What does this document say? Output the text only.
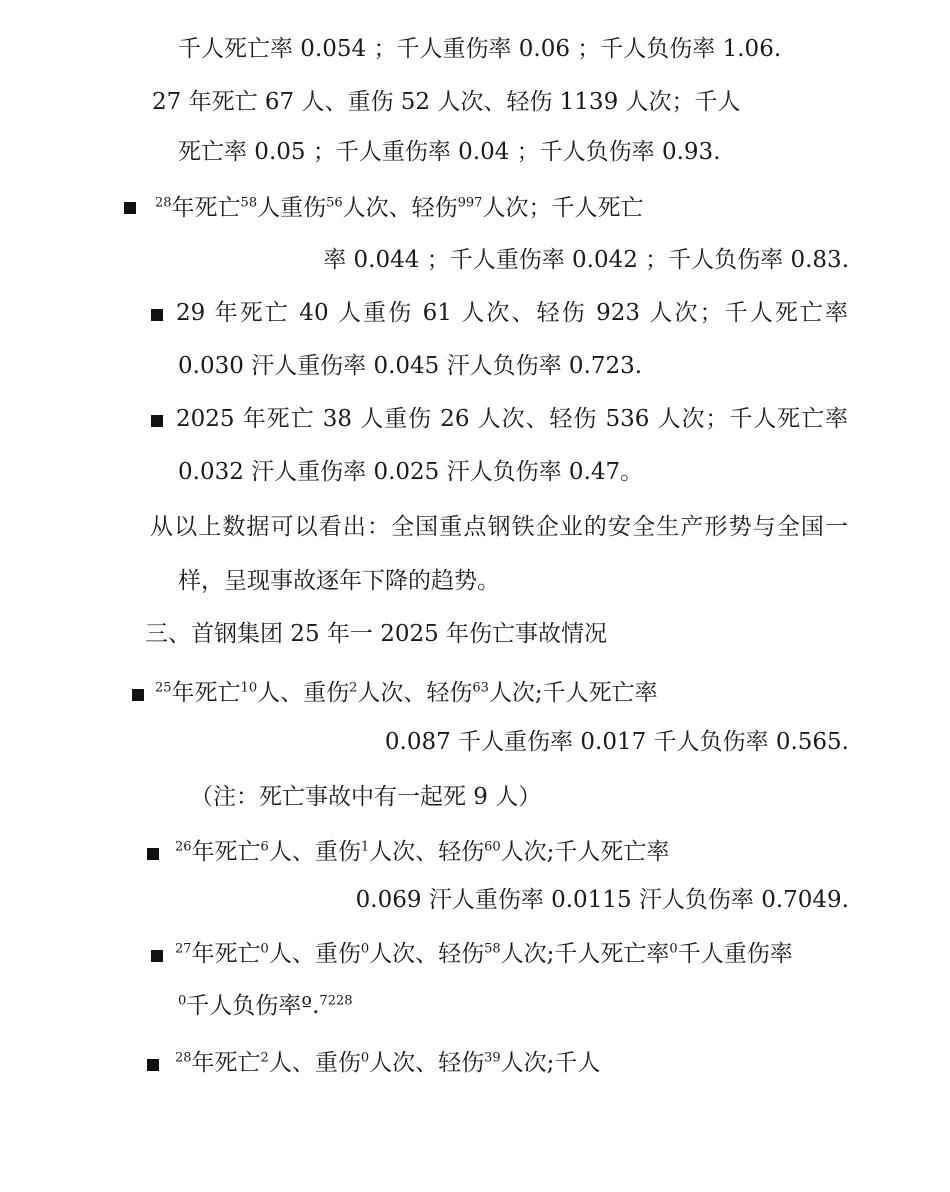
千人死亡率 0.054 ；千人重伤率 0.06 ；千人负伤率 1.06.
27 年死亡 67 人、重伤 52 人次、轻伤 1139 人次；千人
死亡率 0.05 ；千人重伤率 0.04 ；千人负伤率 0.93.
$^{28}$年死亡$^{58}$人重伤$^{56}$人次、轻伤$^{997}$人次；千人死亡
率 0.044 ；千人重伤率 0.042 ；千人负伤率 0.83.
29 年死亡 40 人重伤 61 人次、轻伤 923 人次；千人死亡率
0.030 汗人重伤率 0.045 汗人负伤率 0.723.
2025 年死亡 38 人重伤 26 人次、轻伤 536 人次；千人死亡率
0.032 汗人重伤率 0.025 汗人负伤率 0.47。
从以上数据可以看出：全国重点钢铁企业的安全生产形势与全国一
样，呈现事故逐年下降的趋势。
三、首钢集团 25 年一 2025 年伤亡事故情况
$^{25}$年死亡$^{10}$人、重伤$^2$人次、轻伤$^{63}$人次;千人死亡率
0.087 千人重伤率 0.017 千人负伤率 0.565.
（注：死亡事故中有一起死 9 人）
$^{26}$年死亡$^6$人、重伤$^1$人次、轻伤$^{60}$人次;千人死亡率
0.069 汗人重伤率 0.0115 汗人负伤率 0.7049.
$^{27}$年死亡$^0$人、重伤$^0$人次、轻伤$^{58}$人次;千人死亡率$^0$千人重伤率
$^0$千人负伤率º.$^{7228}$
$^{28}$年死亡$^2$人、重伤$^0$人次、轻伤$^{39}$人次;千人
